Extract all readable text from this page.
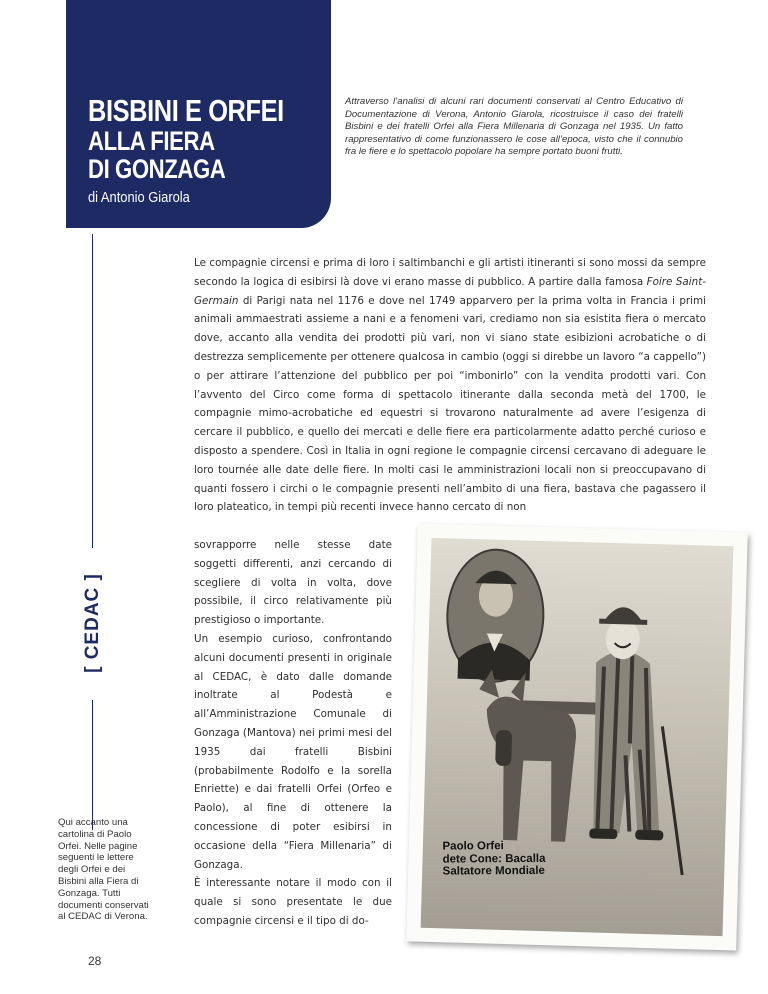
BISBINI E ORFEI
ALLA FIERA
DI GONZAGA
di Antonio Giarola
Attraverso l’analisi di alcuni rari documenti conservati al Centro Educativo di Documentazione di Verona, Antonio Giarola, ricostruisce il caso dei fratelli Bisbini e dei fratelli Orfei alla Fiera Millenaria di Gonzaga nel 1935. Un fatto rappresentativo di come funzionassero le cose all’epoca, visto che il connubio fra le fiere e lo spettacolo popolare ha sempre portato buoni frutti.
[ CEDAC ]

Le compagnie circensi e prima di loro i saltimbanchi e gli artisti itineranti si sono mossi da sempre secondo la logica di esibirsi là dove vi erano masse di pubblico. A partire dalla famosa Foire Saint-Germain di Parigi nata nel 1176 e dove nel 1749 apparvero per la prima volta in Francia i primi animali ammaestrati assieme a nani e a fenomeni vari, crediamo non sia esistita fiera o mercato dove, accanto alla vendita dei prodotti più vari, non vi siano state esibizioni acrobatiche o di destrezza semplicemente per ottenere qualcosa in cambio (oggi si direbbe un lavoro “a cappello”) o per attirare l’attenzione del pubblico per poi “imbonirlo” con la vendita prodotti vari. Con l’avvento del Circo come forma di spettacolo itinerante dalla seconda metà del 1700, le compagnie mimo-acrobatiche ed equestri si trovarono naturalmente ad avere l’esigenza di cercare il pubblico, e quello dei mercati e delle fiere era particolarmente adatto perché curioso e disposto a spendere. Così in Italia in ogni regione le compagnie circensi cercavano di adeguare le loro tournée alle date delle fiere. In molti casi le amministrazioni locali non si preoccupavano di quanti fossero i circhi o le compagnie presenti nell’ambito di una fiera, bastava che pagassero il loro plateatico, in tempi più recenti invece hanno cercato di non

sovrapporre nelle stesse date soggetti differenti, anzi cercando di scegliere di volta in volta, dove possibile, il circo relativamente più prestigioso o importante.

Un esempio curioso, confrontando alcuni documenti presenti in originale al CEDAC, è dato dalle domande inoltrate al Podestà e all’Amministrazione Comunale di Gonzaga (Mantova) nei primi mesi del 1935 dai fratelli Bisbini (probabilmente Rodolfo e la sorella Enriette) e dai fratelli Orfei (Orfeo e Paolo), al fine di ottenere la concessione di poter esibirsi in occasione della “Fiera Millenaria” di Gonzaga.

È interessante notare il modo con il quale si sono presentate le due compagnie circensi e il tipo di do-

Paolo Orfei
dete Cone: Bacalla
Saltatore Mondiale
Qui accanto una cartolina di Paolo Orfei. Nelle pagine seguenti le lettere degli Orfei e dei Bisbini alla Fiera di Gonzaga. Tutti documenti conservati al CEDAC di Verona.
28
